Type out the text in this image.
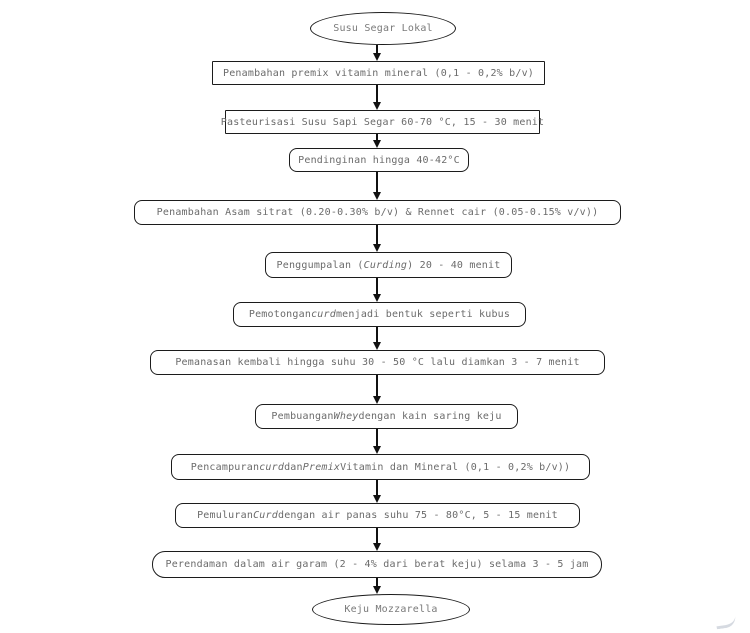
Susu Segar Lokal
Penambahan premix vitamin mineral (0,1 - 0,2% b/v)
Pasteurisasi Susu Sapi Segar 60-70 °C, 15 - 30 menit
Pendinginan hingga 40-42°C
Penambahan Asam sitrat (0.20-0.30% b/v) & Rennet cair (0.05-0.15% v/v))
Penggumpalan ( Curding ) 20 - 40 menit
Pemotongan curd menjadi bentuk seperti kubus
Pemanasan kembali hingga suhu 30 - 50 °C lalu diamkan 3 - 7 menit
Pembuangan Whey dengan kain saring keju
Pencampuran curd dan Premix Vitamin dan Mineral (0,1 - 0,2% b/v))
Pemuluran Curd dengan air panas suhu 75 - 80°C, 5 - 15 menit
Perendaman dalam air garam (2 - 4% dari berat keju) selama 3 - 5 jam
Keju Mozzarella
